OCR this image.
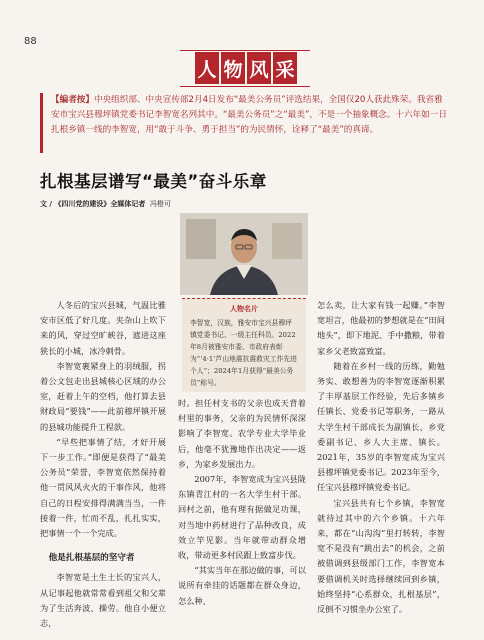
88
人 物 风 采
【编者按】中央组织部、中央宣传部2月4日发布“最美公务员”评选结果，全国仅20人获此殊荣。我省雅安市宝兴县穆坪镇党委书记李智宽名列其中。“最美公务员”之“最美”，不是一个抽象概念。十六年如一日扎根乡镇一线的李智宽，用“敢于斗争、勇于担当”的为民情怀，诠释了“最美”的真谛。
扎根基层谱写“最美”奋斗乐章
文 / 《四川党的建设》全媒体记者 冯橙可

人冬后的宝兴县城，气温比雅安市区低了好几度。夹杂山上吹下来的风，穿过空旷峡谷，遮进这座狭长的小城，冰冷刺骨。

李智宽裹紧身上的羽绒服，拐着公文包走出县城核心区域的办公室，赶着上午的空档，他打算去县财政局“要钱”——此前穆坪镇开展的县城功能提升工程款。

“早些把事情了结，才好开展下一步工作。”即便是获得了“最美公务员”荣誉，李智宽依然保持着他一贯风风火火的干事作风，他将自己的日程安排得满满当当，一件接着一件，忙而不乱，扎扎实实，把事情一个一个完成。

他是扎根基层的坚守者

李智宽是土生土长的宝兴人，从记事起他就常常看到祖父和父辈为了生活奔波、操劳。他自小便立志，

人物名片
李智宽，汉族，雅安市宝兴县穆坪镇党委书记、一级主任科员。2022年8月被雅安市委、市政府表彰为“‘4·1’芦山地震抗震救灾工作先进个人”；2024年1月获得“最美公务员”称号。

时。担任村支书的父亲也成天背着村里的事务，父亲的为民情怀深深影响了李智宽。农学专业大学毕业后，他毫不犹豫地作出决定——返乡，为家乡发展出力。

2007年，李智宽成为宝兴县陇东镇青江村的一名大学生村干部。回村之前，他有理有据做足功课，对当地中药材进行了品种改良，成效立竿见影。当年就带动群众增收，带动更多村民跟上致富步伐。

“其实当年在那边做的事，可以说所有牵挂的话题都在群众身边，怎么种、

怎么卖，让大家有钱一起赚。”李智宽坦言，他最初的梦想就是在“田间地头”，即下地泥、手中撒粮，带着家乡父老致富致富。

随着在乡村一线的历练，勤勉务实、敢想善为的李智宽逐渐积累了丰厚基层工作经验，先后多镇乡任镇长、党委书记等职务，一路从大学生村干部成长为副镇长、乡党委副书记、乡人大主席、镇长。2021年，35岁的李智宽成为宝兴县穆坪镇党委书记。2023年至今，任宝兴县穆坪镇党委书记。

宝兴县共有七个乡镇，李智宽就待过其中的六个乡镇。十六年来，都在“山沟沟”里打转转，李智宽不是没有“跳出去”的机会，之前被借调到县级部门工作，李智宽本要借调机关时选择继续回到乡镇，始终坚持“心系群众，扎根基层”，反倒不习惯坐办公室了。
